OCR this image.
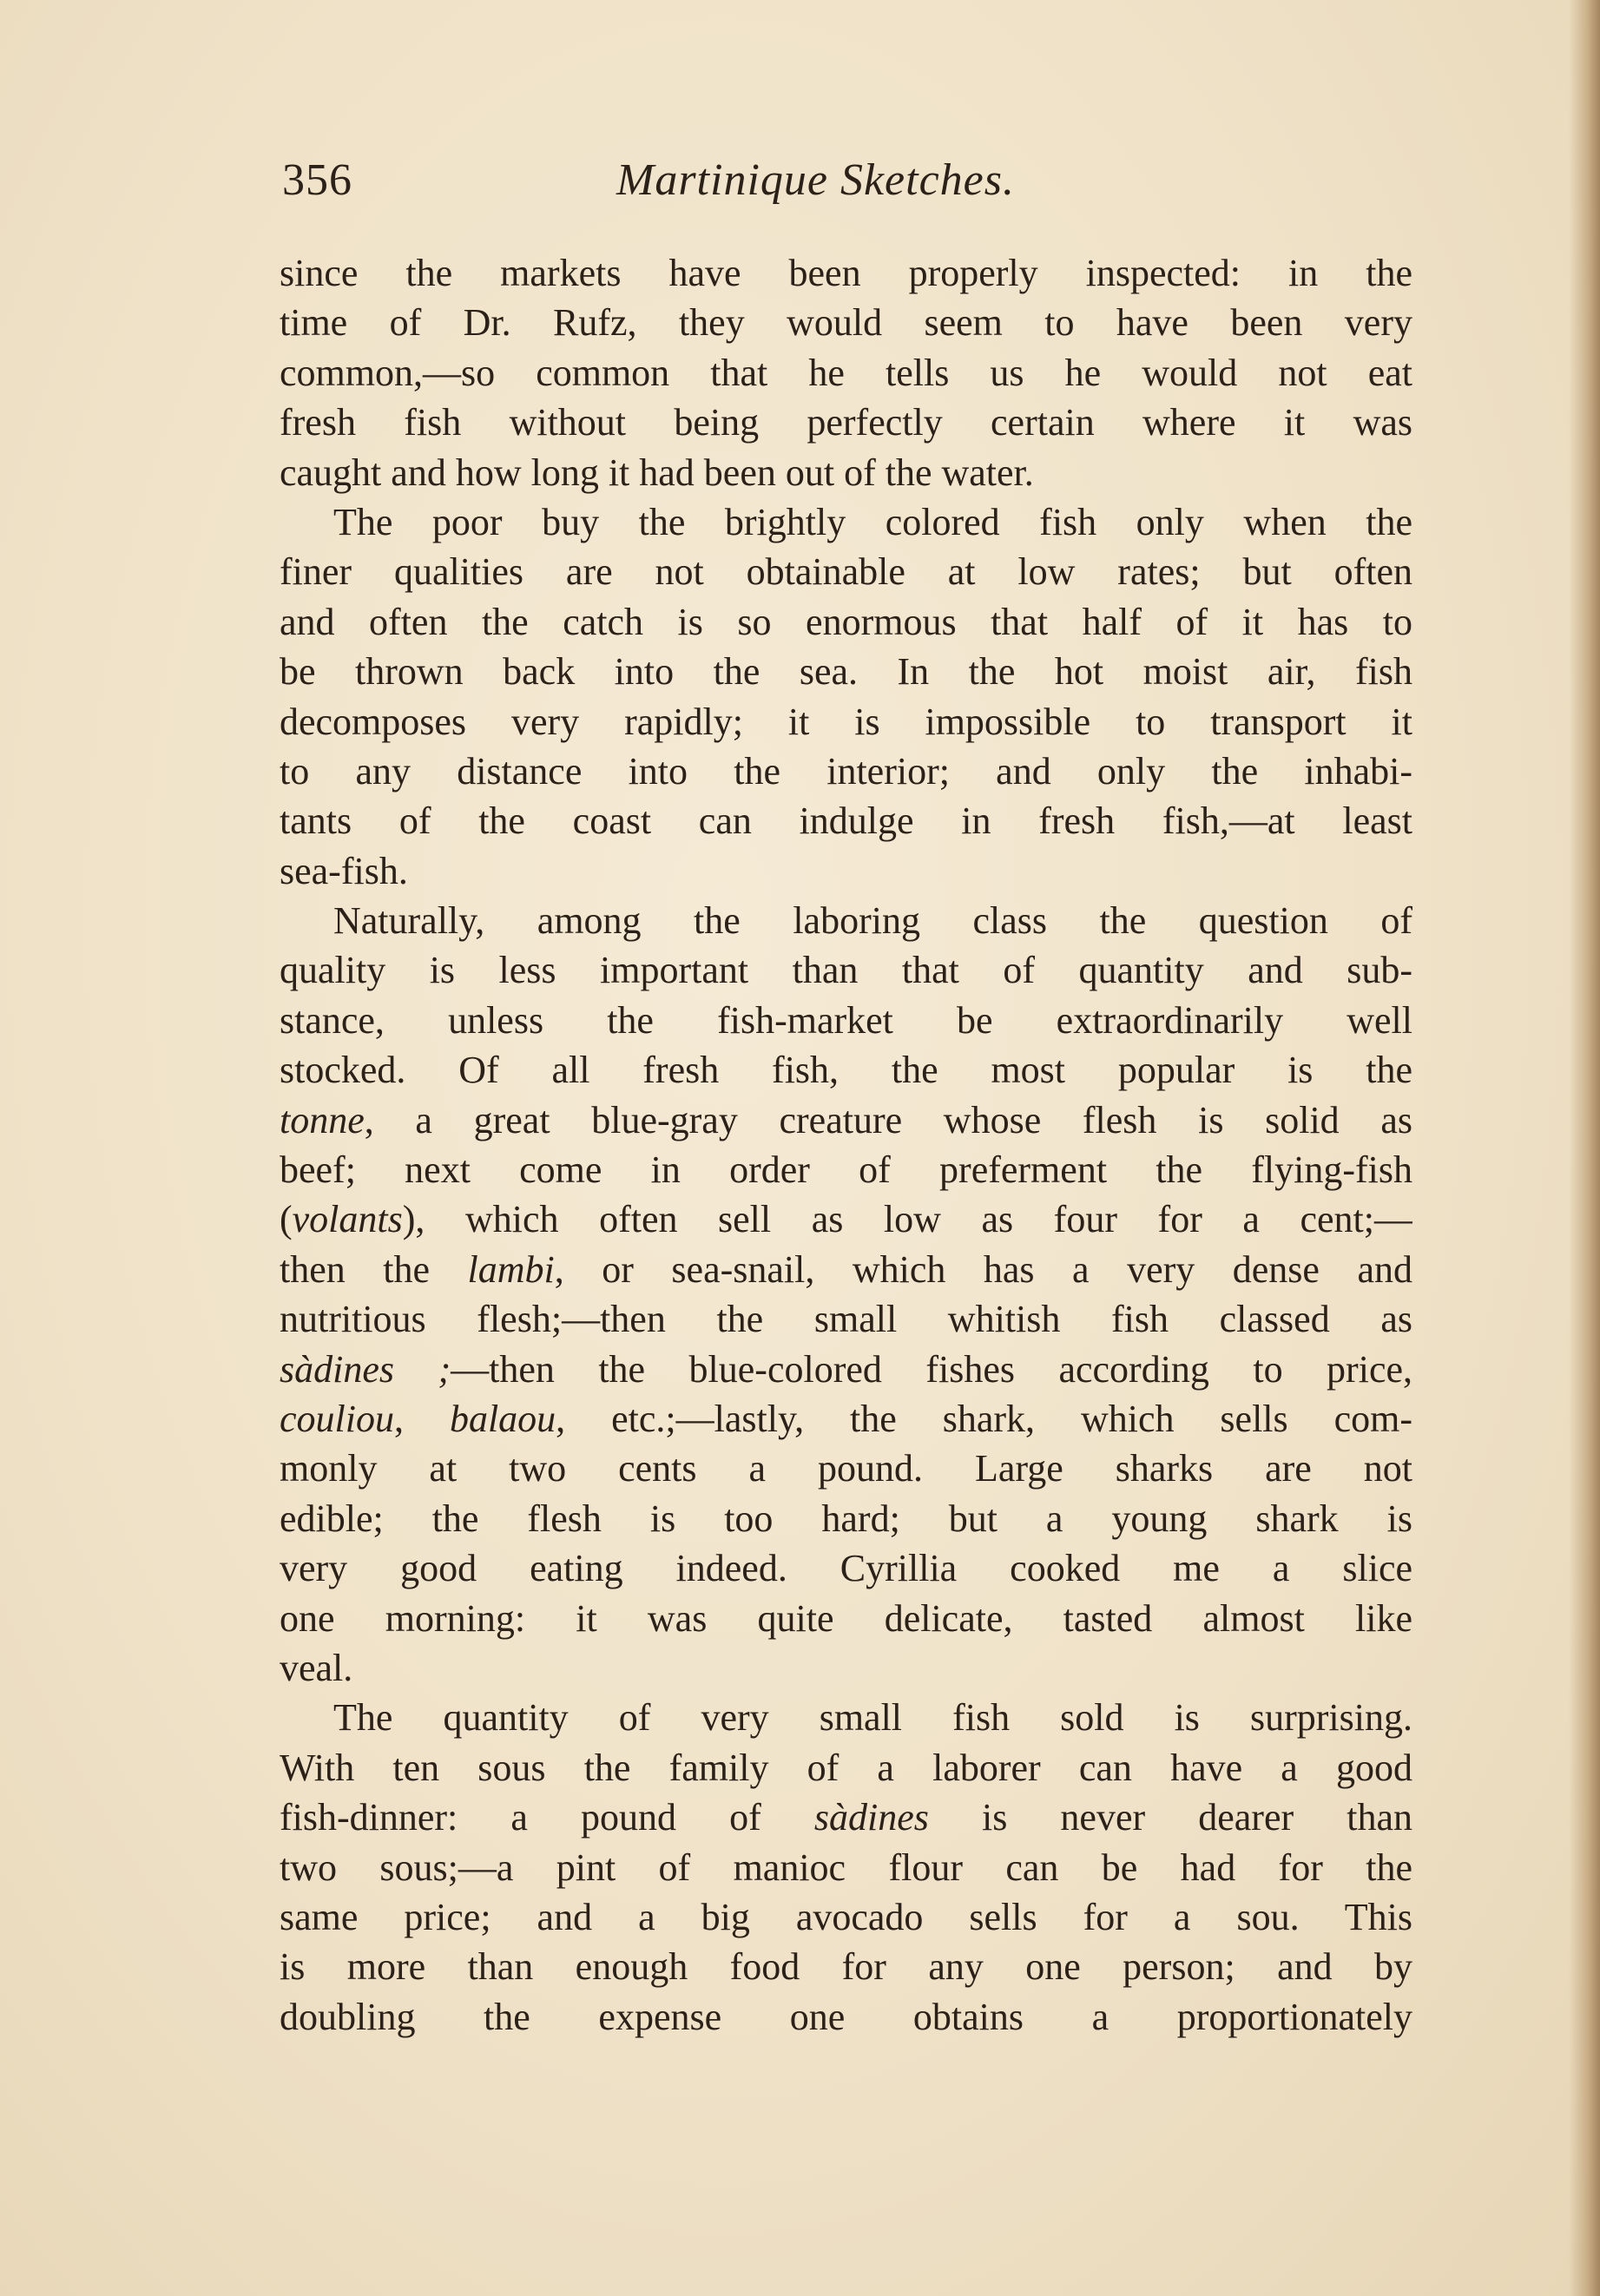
356	Martinique Sketches.
since the markets have been properly inspected: in the
time of Dr. Rufz, they would seem to have been very
common,—so common that he tells us he would not eat
fresh fish without being perfectly certain where it was
caught and how long it had been out of the water.
The poor buy the brightly colored fish only when the
finer qualities are not obtainable at low rates; but often
and often the catch is so enormous that half of it has to
be thrown back into the sea. In the hot moist air, fish
decomposes very rapidly; it is impossible to transport it
to any distance into the interior; and only the inhabi-
tants of the coast can indulge in fresh fish,—at least
sea-fish.
Naturally, among the laboring class the question of
quality is less important than that of quantity and sub-
stance, unless the fish-market be extraordinarily well
stocked. Of all fresh fish, the most popular is the
tonne, a great blue-gray creature whose flesh is solid as
beef; next come in order of preferment the flying-fish
(volants), which often sell as low as four for a cent;—
then the lambi, or sea-snail, which has a very dense and
nutritious flesh;—then the small whitish fish classed as
sàdines ;—then the blue-colored fishes according to price,
couliou, balaou, etc.;—lastly, the shark, which sells com-
monly at two cents a pound. Large sharks are not
edible; the flesh is too hard; but a young shark is
very good eating indeed. Cyrillia cooked me a slice
one morning: it was quite delicate, tasted almost like
veal.
The quantity of very small fish sold is surprising.
With ten sous the family of a laborer can have a good
fish-dinner: a pound of sàdines is never dearer than
two sous;—a pint of manioc flour can be had for the
same price; and a big avocado sells for a sou. This
is more than enough food for any one person; and by
doubling the expense one obtains a proportionately
